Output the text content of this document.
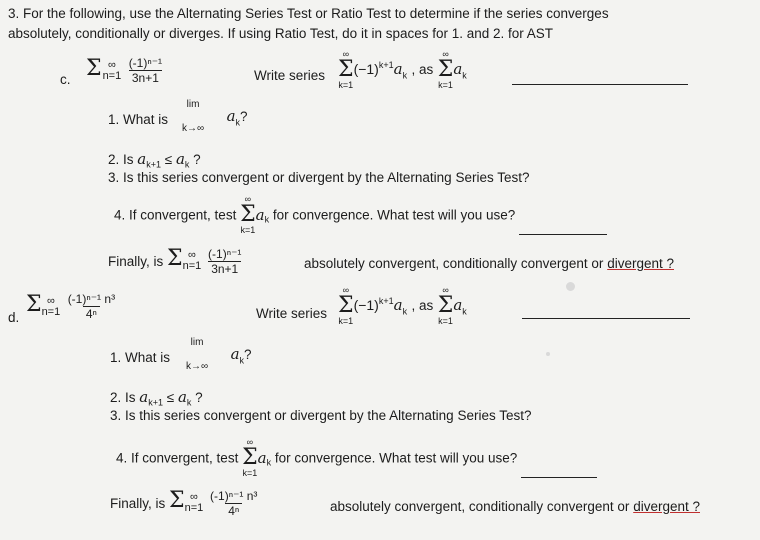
3. For the following, use the Alternating Series Test or Ratio Test to determine if the series converges
absolutely, conditionally or diverges. If using Ratio Test, do it in spaces for 1. and 2. for AST
c. Σ ∞
n=1
$\frac{\text{(-1)ⁿ⁻¹}}{3n+1}$	Write series
∞
Σ
k=1
$(-1)^{k+1}a_k$ , as
∞
Σ
k=1
$a_k$
1. What is
lim
k→∞
$a_k$?
2. Is $a_{k+1} \le a_k$ ?
3. Is this series convergent or divergent by the Alternating Series Test?
4. If convergent, test
∞
Σ
k=1
$a_k$ for convergence. What test will you use?
Finally, is Σ ∞
n=1
$\frac{\text{(-1)ⁿ⁻¹}}{3n+1}$	absolutely convergent, conditionally convergent or divergent ?
d.
Σ ∞
n=1
$\frac{\text{(-1)ⁿ⁻¹ n³}}{\text{4ⁿ}}$	Write series
∞
Σ
k=1
$(-1)^{k+1}a_k$ , as
∞
Σ
k=1
$a_k$
1. What is
lim
k→∞
$a_k$?
2. Is $a_{k+1} \le a_k$ ?
3. Is this series convergent or divergent by the Alternating Series Test?
4. If convergent, test
∞
Σ
k=1
$a_k$ for convergence. What test will you use?
Finally, is Σ ∞
n=1
$\frac{\text{(-1)ⁿ⁻¹ n³}}{\text{4ⁿ}}$	absolutely convergent, conditionally convergent or divergent ?
